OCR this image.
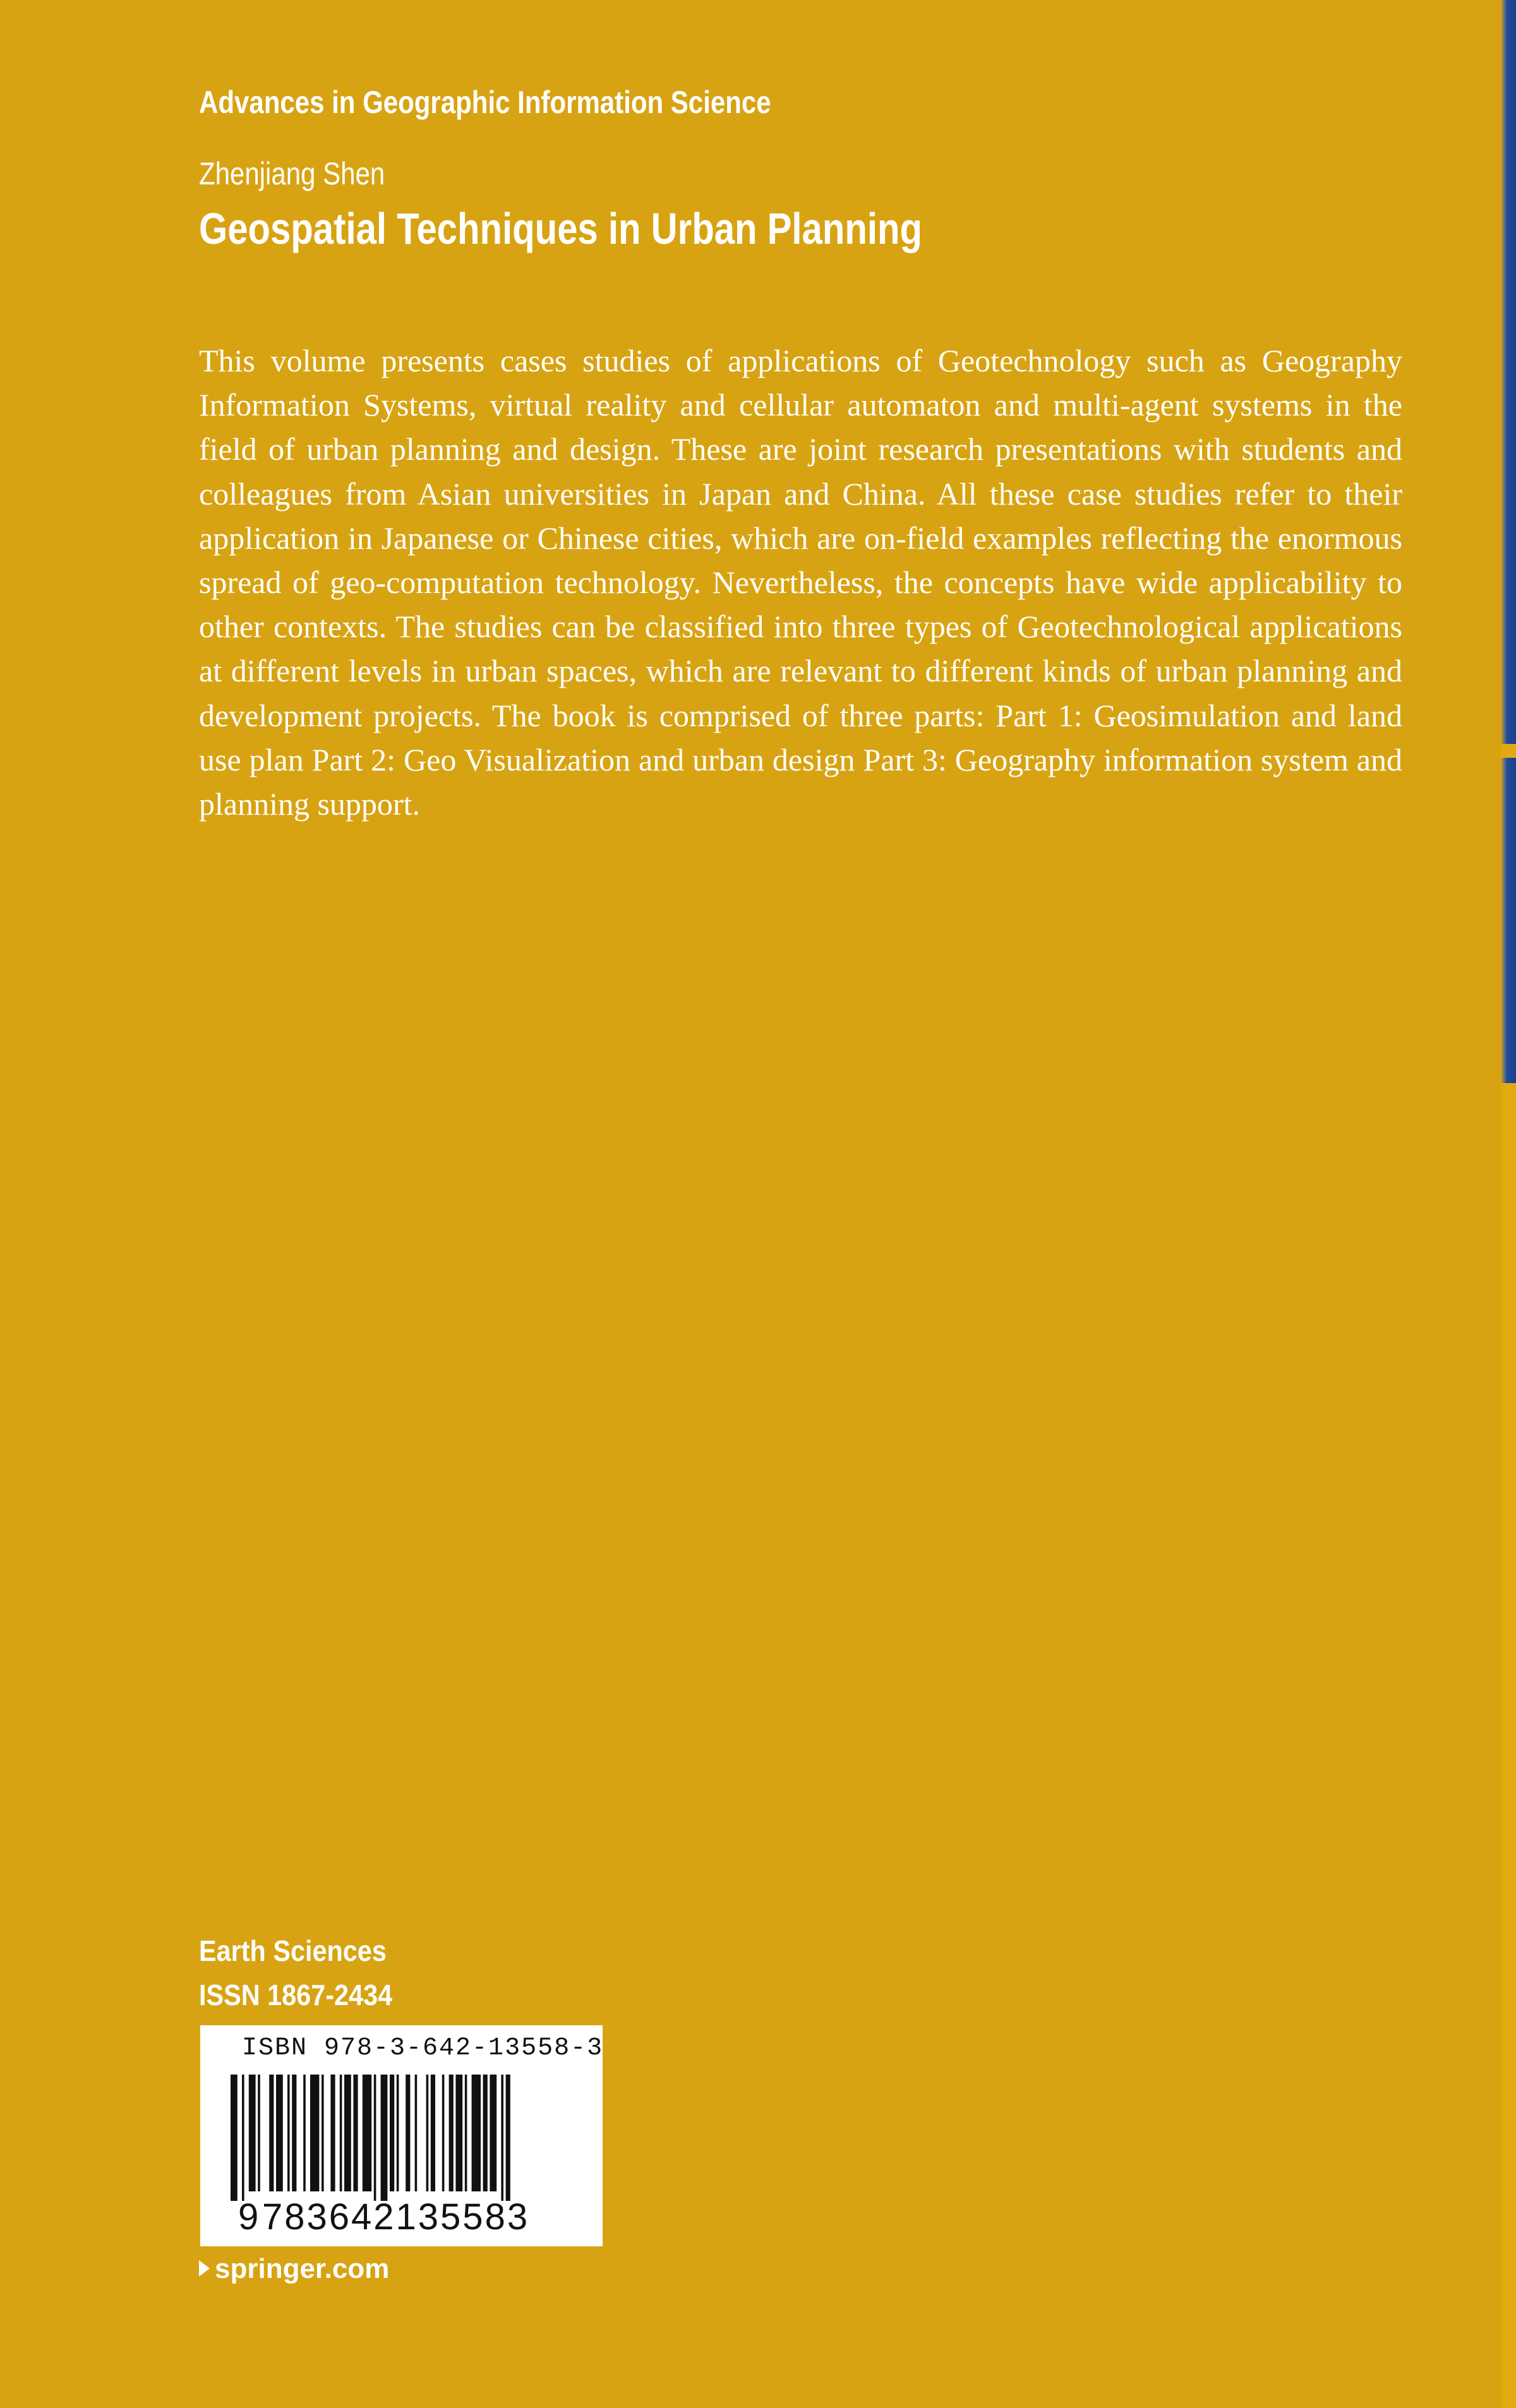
Advances in Geographic Information Science
Zhenjiang Shen
Geospatial Techniques in Urban Planning

This volume presents cases studies of applications of Geotechnology such as Geography Information Systems, virtual reality and cellular automaton and multi-agent systems in the field of urban planning and design. These are joint research presentations with students and colleagues from Asian universities in Japan and China. All these case studies refer to their application in Japanese or Chinese cities, which are on-field examples reflecting the enormous spread of geo-computation technology. Nevertheless, the concepts have wide applicability to other contexts. The studies can be classified into three types of Geotechnological applications at different levels in urban spaces, which are relevant to different kinds of urban planning and development projects. The book is comprised of three parts: Part 1: Geosimulation and land use plan Part 2: Geo Visualization and urban design Part 3: Geography information system and planning support.

Earth Sciences
ISSN 1867-2434
ISBN 978-3-642-13558-3
9 783642135583
springer.com
